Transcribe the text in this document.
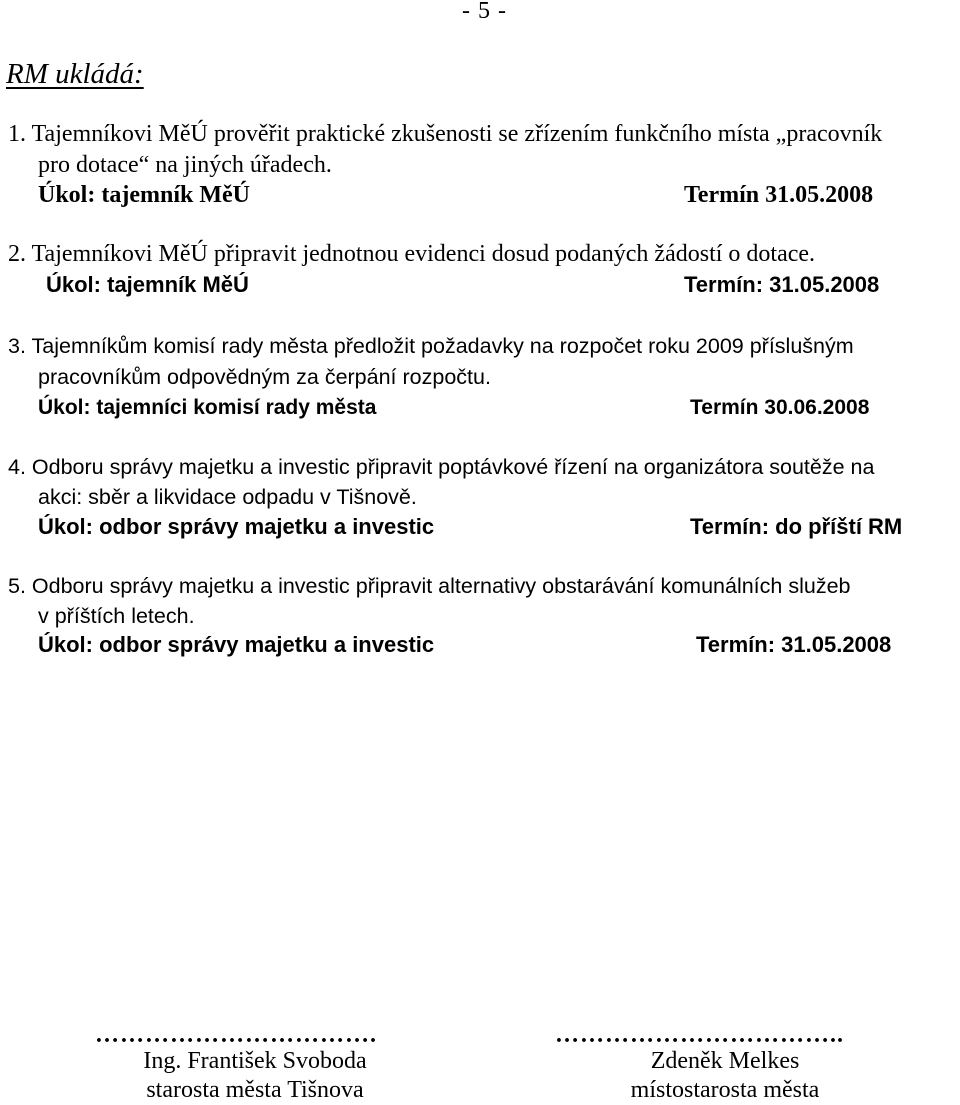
- 5 -
RM ukládá:
1. Tajemníkovi MěÚ prověřit praktické zkušenosti se zřízením funkčního místa „pracovník
pro dotace“ na jiných úřadech.
Úkol: tajemník MěÚ	Termín 31.05.2008
2. Tajemníkovi MěÚ připravit jednotnou evidenci dosud podaných žádostí o dotace.
Úkol: tajemník MěÚ	Termín: 31.05.2008
3. Tajemníkům komisí rady města předložit požadavky na rozpočet roku 2009 příslušným
pracovníkům odpovědným za čerpání rozpočtu.
Úkol: tajemníci komisí rady města	Termín 30.06.2008
4. Odboru správy majetku a investic připravit poptávkové řízení na organizátora soutěže na
akci: sběr a likvidace odpadu v Tišnově.
Úkol: odbor správy majetku a investic	Termín: do příští RM
5. Odboru správy majetku a investic připravit alternativy obstarávání komunálních služeb
v příštích letech.
Úkol: odbor správy majetku a investic	Termín: 31.05.2008
…………………………….
Ing. František Svoboda
starosta města Tišnova
……………………………..
Zdeněk Melkes
místostarosta města
